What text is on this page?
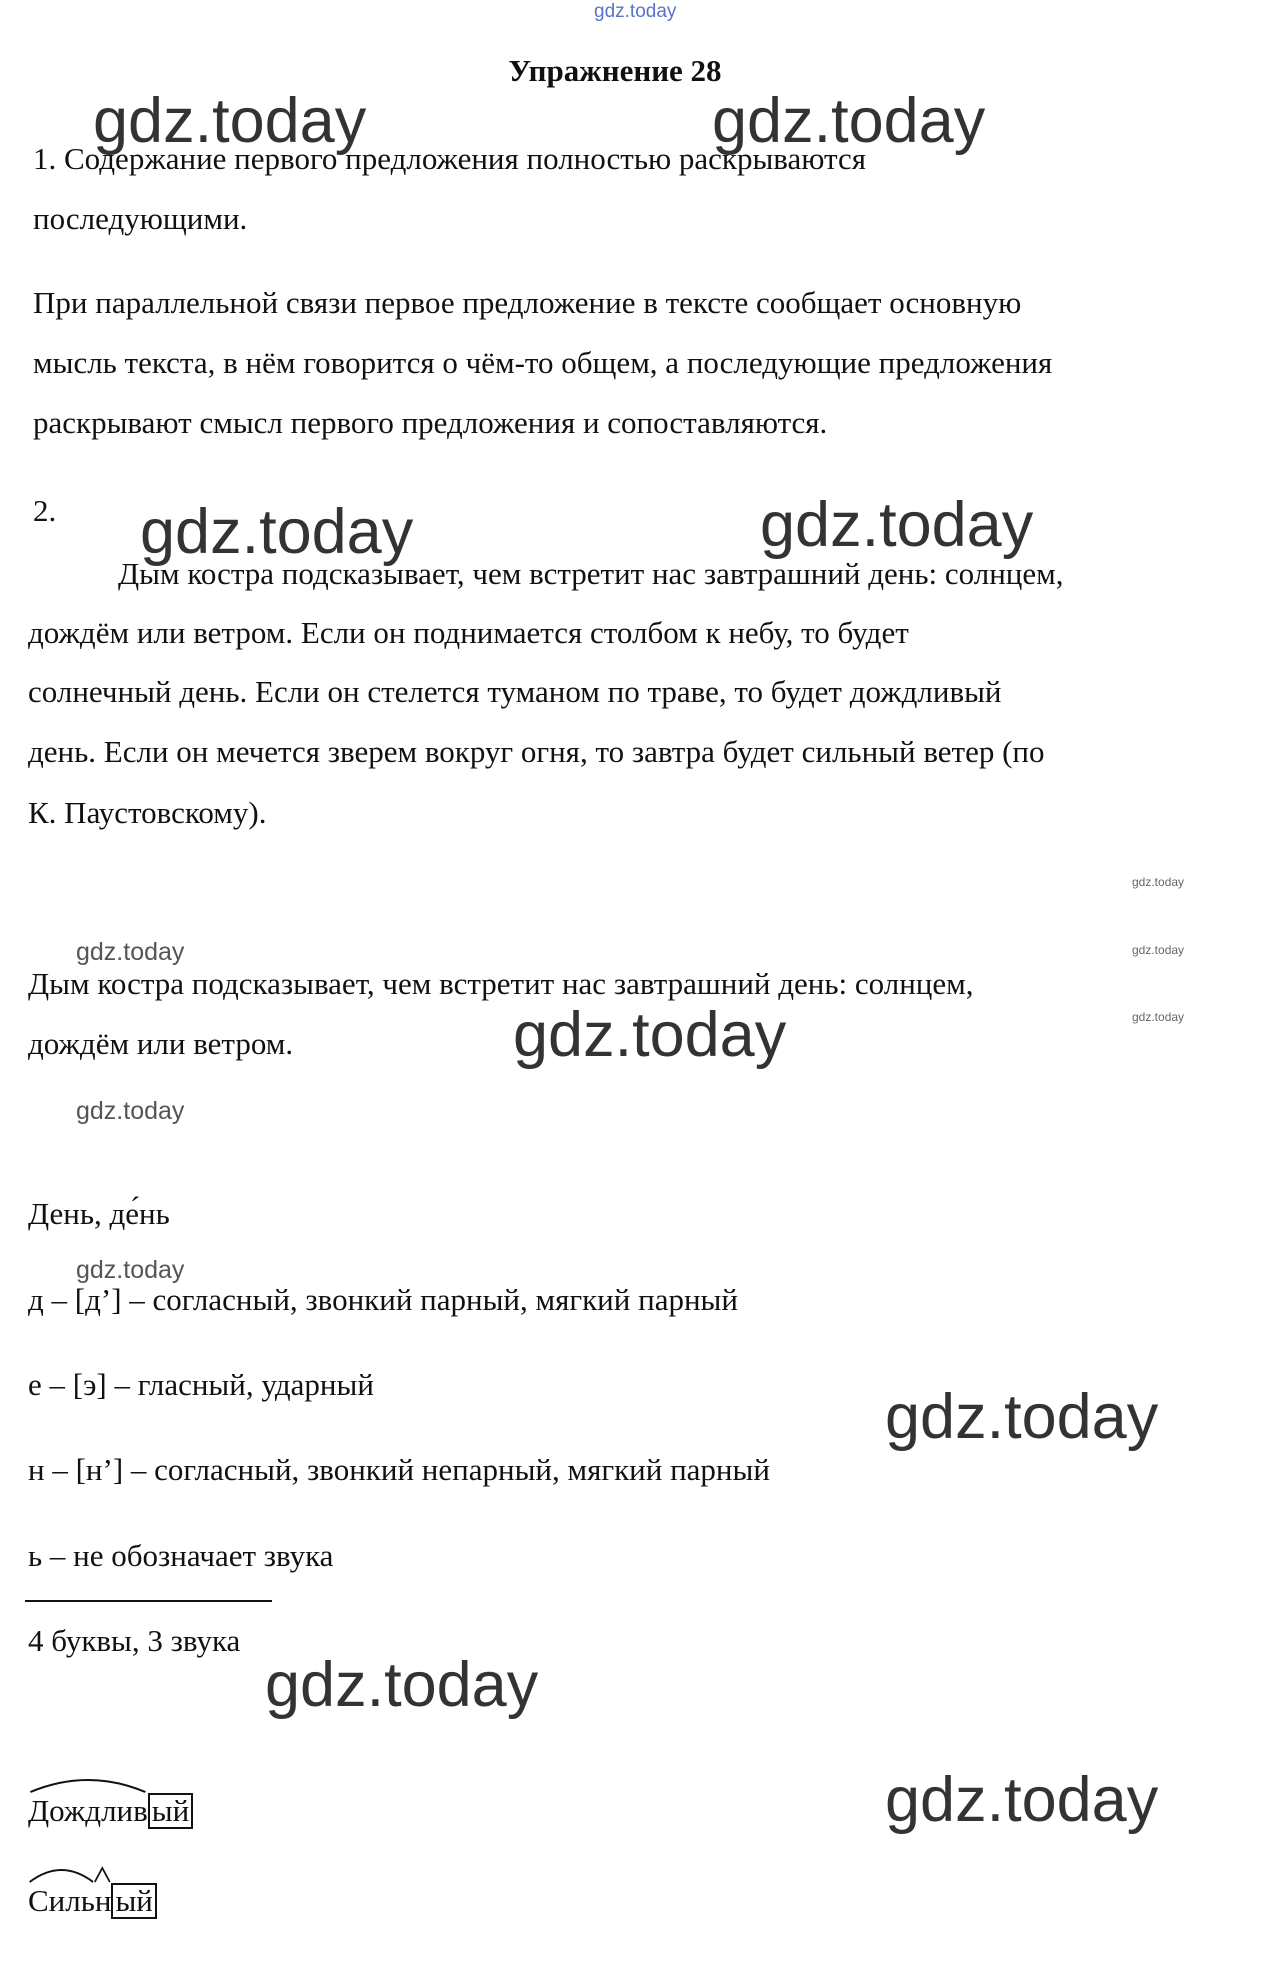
gdz.today
Упражнение 28
gdz.today	gdz.today
1. Содержание первого предложения полностью раскрываются
последующими.
При параллельной связи первое предложение в тексте сообщает основную
мысль текста, в нём говорится о чём-то общем, а последующие предложения
раскрывают смысл первого предложения и сопоставляются.
2. gdz.today	gdz.today
Дым костра подсказывает, чем встретит нас завтрашний день: солнцем,
дождём или ветром. Если он поднимается столбом к небу, то будет
солнечный день. Если он стелется туманом по траве, то будет дождливый
день. Если он мечется зверем вокруг огня, то завтра будет сильный ветер (по
К. Паустовскому).
gdz.today
gdz.today
gdz.today
gdz.today
Дым костра подсказывает, чем встретит нас завтрашний день: солнцем,
дождём или ветром.	gdz.today
gdz.today
День, де́нь
gdz.today
д – [д’] – согласный, звонкий парный, мягкий парный
е – [э] – гласный, ударный	gdz.today
н – [н’] – согласный, звонкий непарный, мягкий парный
ь – не обозначает звука
4 буквы, 3 звука
gdz.today
gdz.today
Дождлив ый
Сильн ый
